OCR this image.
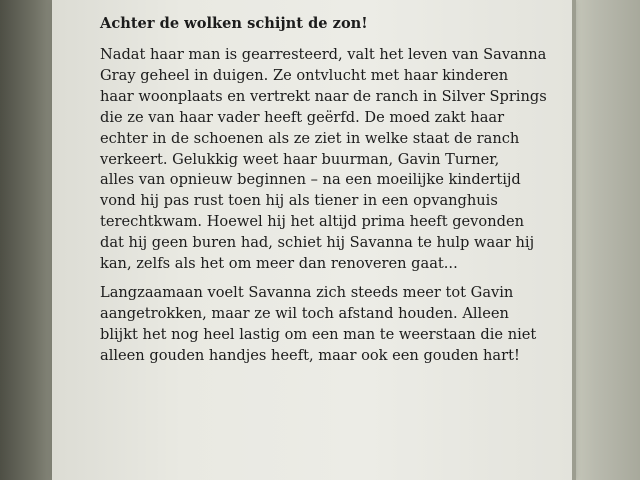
Achter de wolken schijnt de zon!

Nadat haar man is gearresteerd, valt het leven van Savanna
Gray geheel in duigen. Ze ontvlucht met haar kinderen
haar woonplaats en vertrekt naar de ranch in Silver Springs
die ze van haar vader heeft geërfd. De moed zakt haar
echter in de schoenen als ze ziet in welke staat de ranch
verkeert. Gelukkig weet haar buurman, Gavin Turner,
alles van opnieuw beginnen – na een moeilijke kindertijd
vond hij pas rust toen hij als tiener in een opvanghuis
terechtkwam. Hoewel hij het altijd prima heeft gevonden
dat hij geen buren had, schiet hij Savanna te hulp waar hij
kan, zelfs als het om meer dan renoveren gaat...

Langzaamaan voelt Savanna zich steeds meer tot Gavin
aangetrokken, maar ze wil toch afstand houden. Alleen
blijkt het nog heel lastig om een man te weerstaan die niet
alleen gouden handjes heeft, maar ook een gouden hart!
